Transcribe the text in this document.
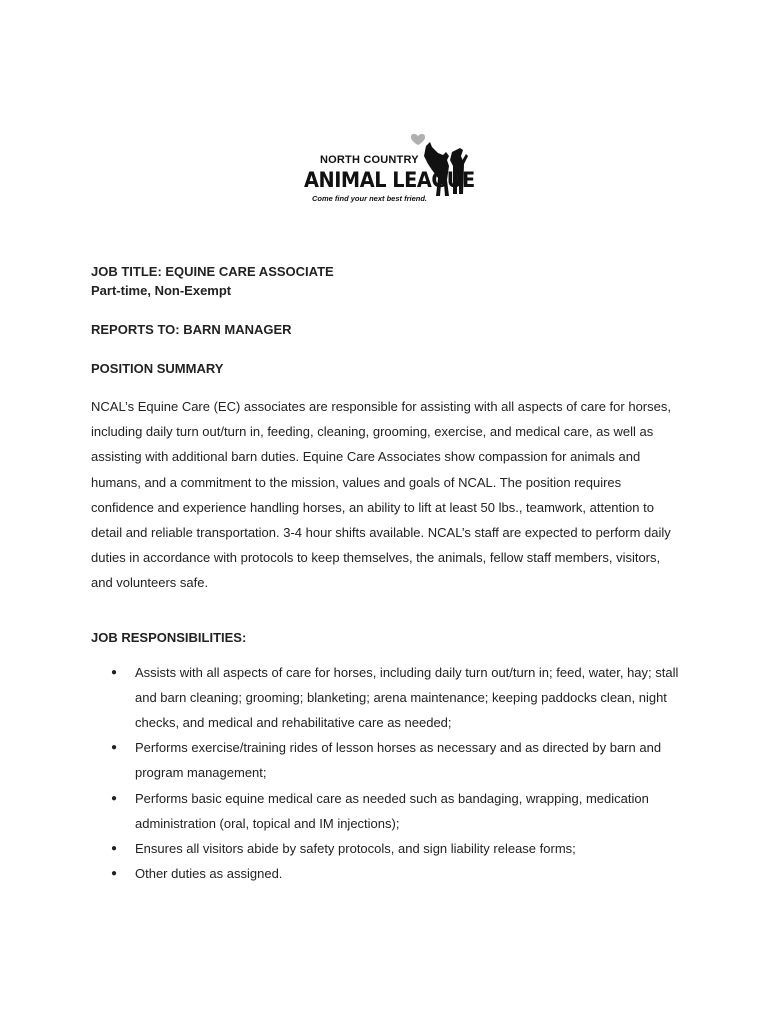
NORTH COUNTRY
ANIMAL LEAGUE
Come find your next best friend.

JOB TITLE: EQUINE CARE ASSOCIATE

Part-time, Non-Exempt

REPORTS TO: BARN MANAGER

POSITION SUMMARY

NCAL’s Equine Care (EC) associates are responsible for assisting with all aspects of care for horses, including daily turn out/turn in, feeding, cleaning, grooming, exercise, and medical care, as well as assisting with additional barn duties. Equine Care Associates show compassion for animals and humans, and a commitment to the mission, values and goals of NCAL. The position requires confidence and experience handling horses, an ability to lift at least 50 lbs., teamwork, attention to detail and reliable transportation. 3-4 hour shifts available. NCAL’s staff are expected to perform daily duties in accordance with protocols to keep themselves, the animals, fellow staff members, visitors, and volunteers safe.

JOB RESPONSIBILITIES:

● Assists with all aspects of care for horses, including daily turn out/turn in; feed, water, hay; stall and barn cleaning; grooming; blanketing; arena maintenance; keeping paddocks clean, night checks, and medical and rehabilitative care as needed;
● Performs exercise/training rides of lesson horses as necessary and as directed by barn and program management;
● Performs basic equine medical care as needed such as bandaging, wrapping, medication administration (oral, topical and IM injections);
● Ensures all visitors abide by safety protocols, and sign liability release forms;
● Other duties as assigned.
